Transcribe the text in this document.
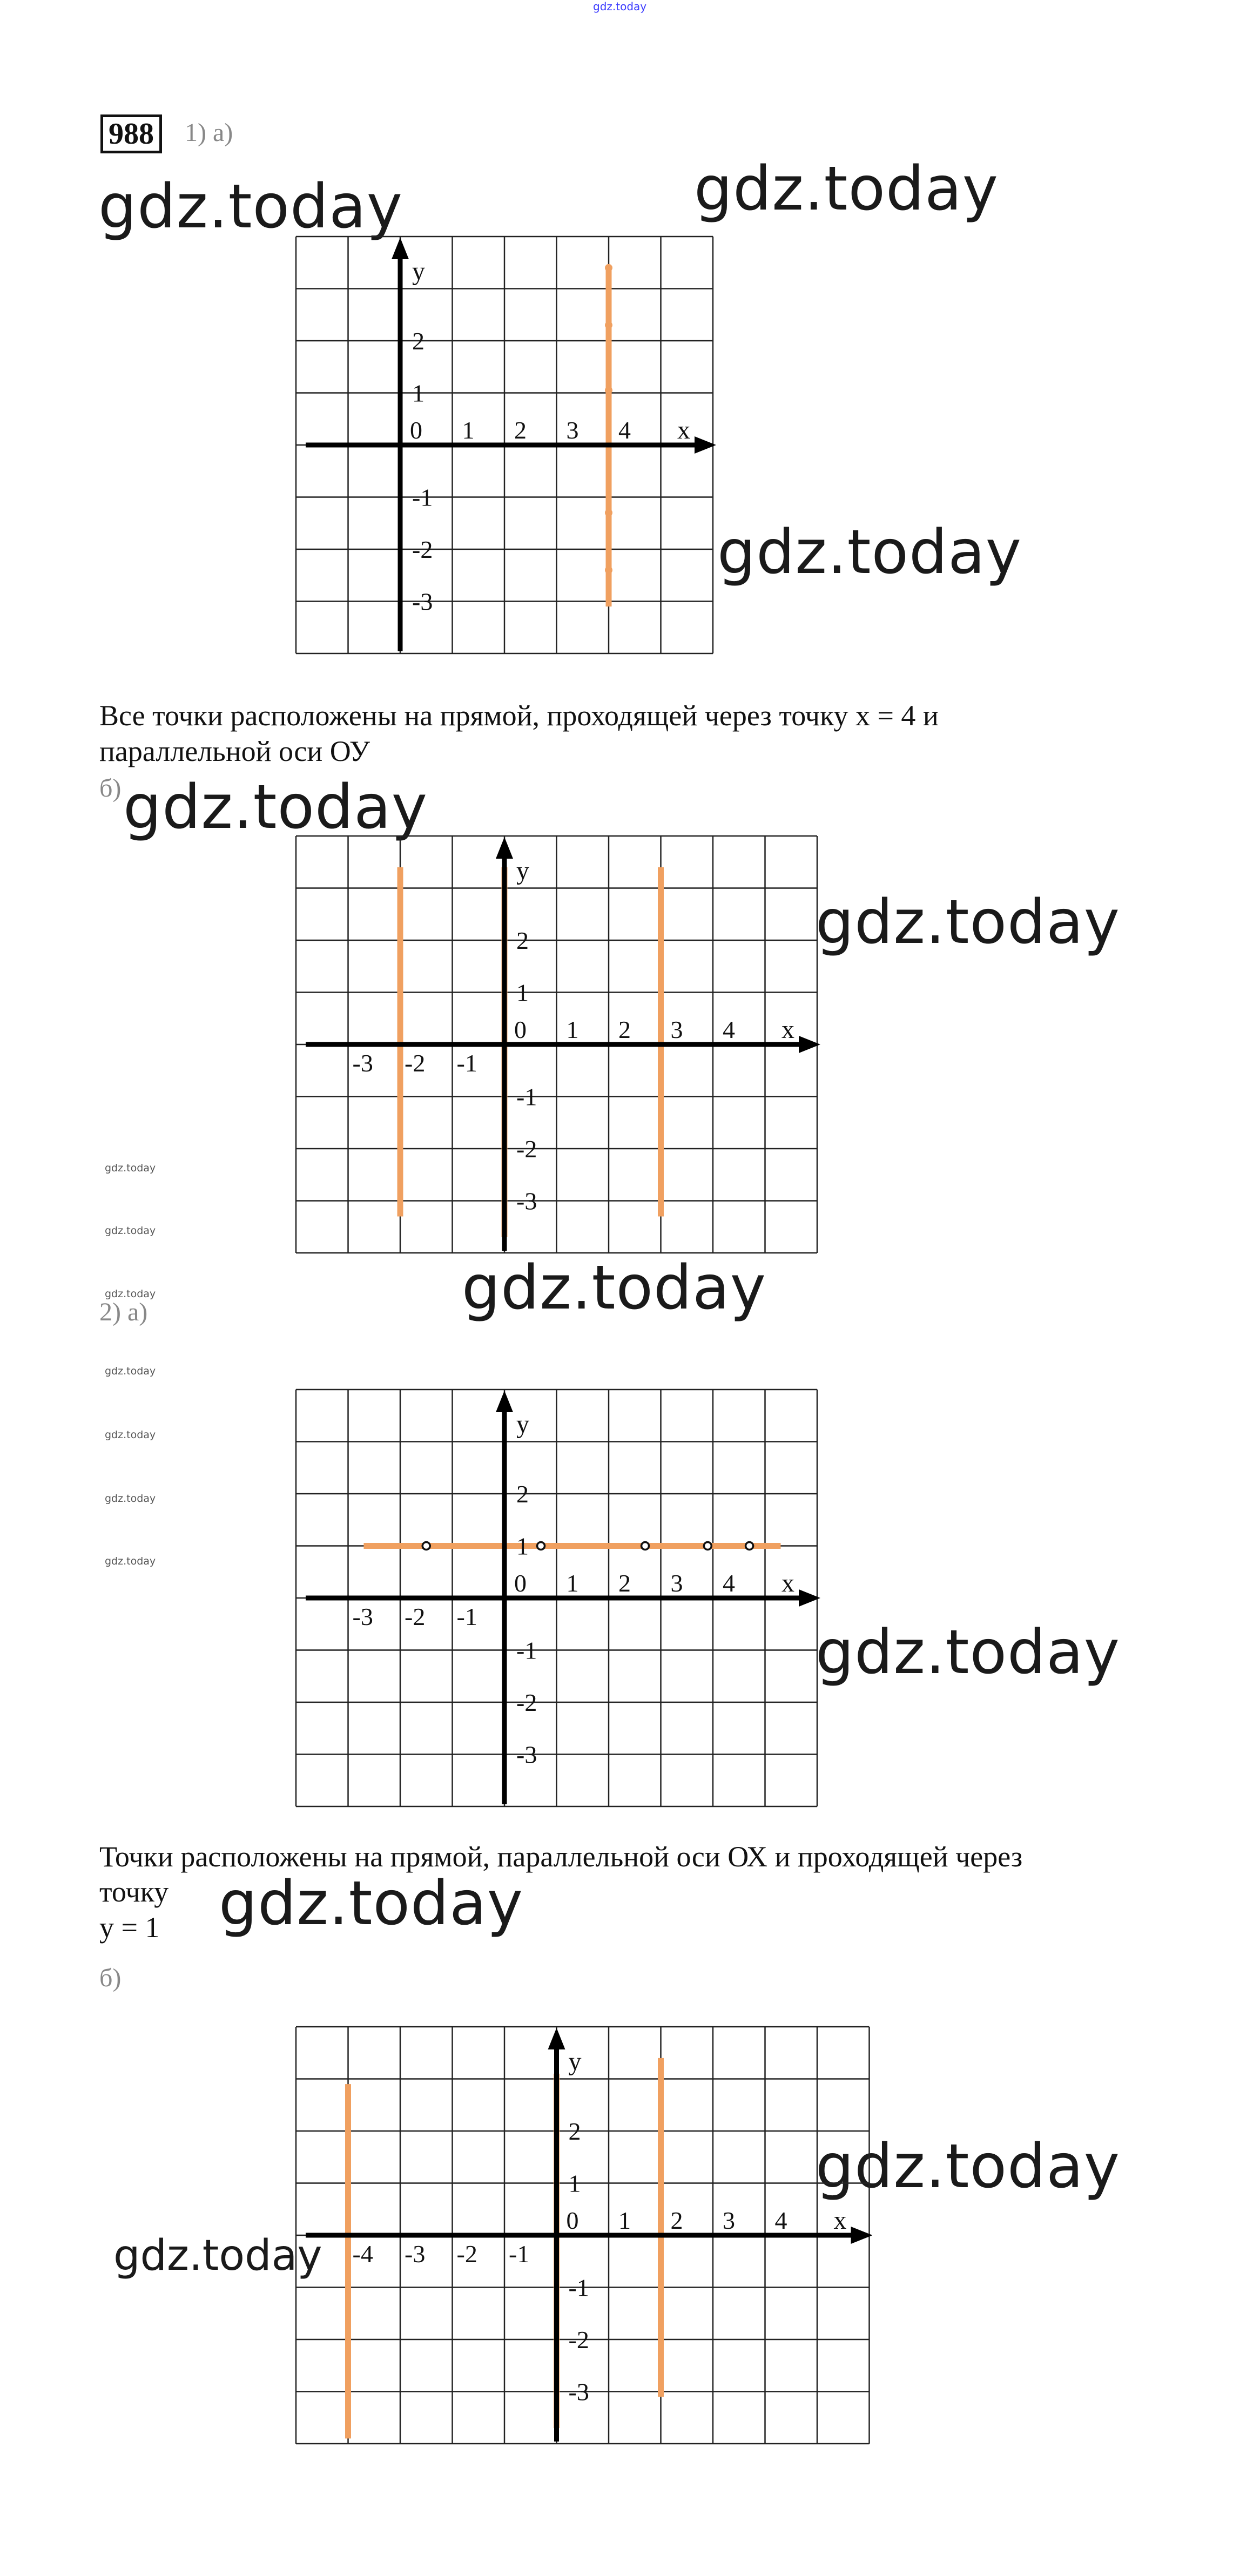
gdz.today
988	1) а)
gdz.today	gdz.today
gdz.today
gdz.today
gdz.today
gdz.today
gdz.today
gdz.today
gdz.today
gdz.today
gdz.today
gdz.today
gdz.today
gdz.today
gdz.today
gdz.today
gdz.today
0 1 2 3 4
2
1
-1
-2
-3
x
y
Все точки расположены на прямой, проходящей через точку x = 4 и
параллельной оси ОУ
б)
-3 -2 -1
0 1 2 3 4
2
1
-1
-2
-3
x
y
2) а)
-3 -2 -1
0 1 2 3 4
2
1
-1
-2
-3
x
y
Точки расположены на прямой, параллельной оси ОХ и проходящей через
точку
y = 1
б)
-4 -3 -2 -1
0 1 2 3 4
2
1
-1
-2
-3
x
y
